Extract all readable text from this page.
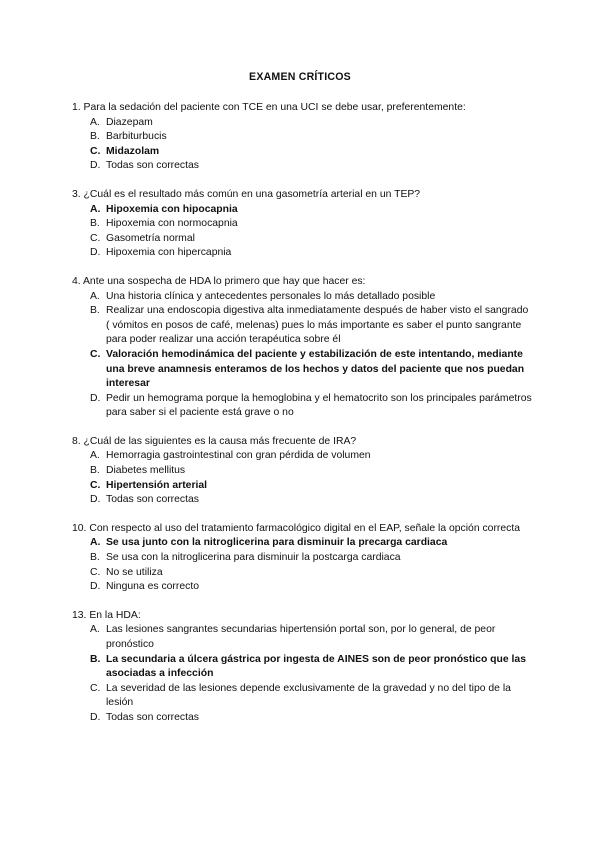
EXAMEN CRÍTICOS

1. Para la sedación del paciente con TCE en una UCI se debe usar, preferentemente:

A. Diazepam
B. Barbiturbucis
C. Midazolam
D. Todas son correctas

3. ¿Cuál es el resultado más común en una gasometría arterial en un TEP?

A. Hipoxemia con hipocapnia
B. Hipoxemia con normocapnia
C. Gasometría normal
D. Hipoxemia con hipercapnia

4. Ante una sospecha de HDA lo primero que hay que hacer es:

A. Una historia clínica y antecedentes personales lo más detallado posible
B. Realizar una endoscopia digestiva alta inmediatamente después de haber visto el sangrado ( vómitos en posos de café, melenas) pues lo más importante es saber el punto sangrante para poder realizar una acción terapéutica sobre él
C. Valoración hemodinámica del paciente y estabilización de este intentando, mediante una breve anamnesis enteramos de los hechos y datos del paciente que nos puedan interesar
D. Pedir un hemograma porque la hemoglobina y el hematocrito son los principales parámetros para saber si el paciente está grave o no

8. ¿Cuál de las siguientes es la causa más frecuente de IRA?

A. Hemorragia gastrointestinal con gran pérdida de volumen
B. Diabetes mellitus
C. Hipertensión arterial
D. Todas son correctas

10. Con respecto al uso del tratamiento farmacológico digital en el EAP, señale la opción correcta

A. Se usa junto con la nitroglicerina para disminuir la precarga cardiaca
B. Se usa con la nitroglicerina para disminuir la postcarga cardiaca
C. No se utiliza
D. Ninguna es correcto

13. En la HDA:

A. Las lesiones sangrantes secundarias hipertensión portal son, por lo general, de peor pronóstico
B. La secundaria a úlcera gástrica por ingesta de AINES son de peor pronóstico que las asociadas a infección
C. La severidad de las lesiones depende exclusivamente de la gravedad y no del tipo de la lesión
D. Todas son correctas
